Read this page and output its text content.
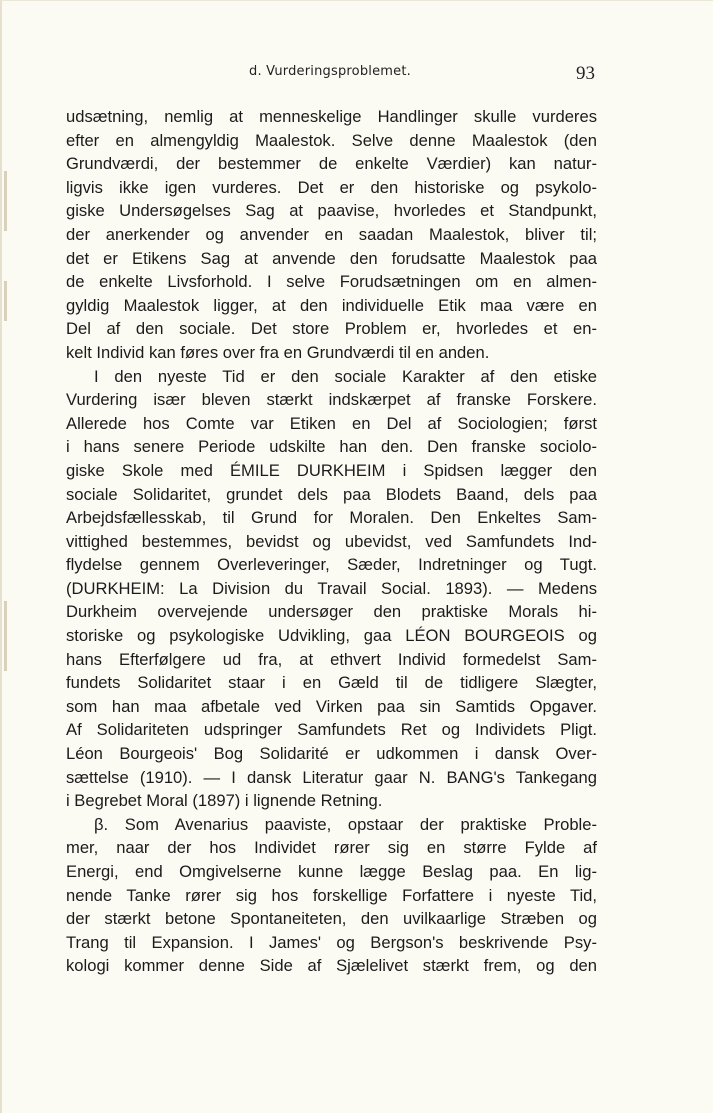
d. Vurderingsproblemet.	93
udsætning, nemlig at menneskelige Handlinger skulle vurderes
efter en almengyldig Maalestok. Selve denne Maalestok (den
Grundværdi, der bestemmer de enkelte Værdier) kan natur-
ligvis ikke igen vurderes. Det er den historiske og psykolo-
giske Undersøgelses Sag at paavise, hvorledes et Standpunkt,
der anerkender og anvender en saadan Maalestok, bliver til;
det er Etikens Sag at anvende den forudsatte Maalestok paa
de enkelte Livsforhold. I selve Forudsætningen om en almen-
gyldig Maalestok ligger, at den individuelle Etik maa være en
Del af den sociale. Det store Problem er, hvorledes et en-
kelt Individ kan føres over fra en Grundværdi til en anden.
I den nyeste Tid er den sociale Karakter af den etiske
Vurdering især bleven stærkt indskærpet af franske Forskere.
Allerede hos Comte var Etiken en Del af Sociologien; først
i hans senere Periode udskilte han den. Den franske sociolo-
giske Skole med ÉMILE DURKHEIM i Spidsen lægger den
sociale Solidaritet, grundet dels paa Blodets Baand, dels paa
Arbejdsfællesskab, til Grund for Moralen. Den Enkeltes Sam-
vittighed bestemmes, bevidst og ubevidst, ved Samfundets Ind-
flydelse gennem Overleveringer, Sæder, Indretninger og Tugt.
(DURKHEIM: La Division du Travail Social. 1893). — Medens
Durkheim overvejende undersøger den praktiske Morals hi-
storiske og psykologiske Udvikling, gaa LÉON BOURGEOIS og
hans Efterfølgere ud fra, at ethvert Individ formedelst Sam-
fundets Solidaritet staar i en Gæld til de tidligere Slægter,
som han maa afbetale ved Virken paa sin Samtids Opgaver.
Af Solidariteten udspringer Samfundets Ret og Individets Pligt.
Léon Bourgeois' Bog Solidarité er udkommen i dansk Over-
sættelse (1910). — I dansk Literatur gaar N. BANG's Tankegang
i Begrebet Moral (1897) i lignende Retning.
β. Som Avenarius paaviste, opstaar der praktiske Proble-
mer, naar der hos Individet rører sig en større Fylde af
Energi, end Omgivelserne kunne lægge Beslag paa. En lig-
nende Tanke rører sig hos forskellige Forfattere i nyeste Tid,
der stærkt betone Spontaneiteten, den uvilkaarlige Stræben og
Trang til Expansion. I James' og Bergson's beskrivende Psy-
kologi kommer denne Side af Sjælelivet stærkt frem, og den
